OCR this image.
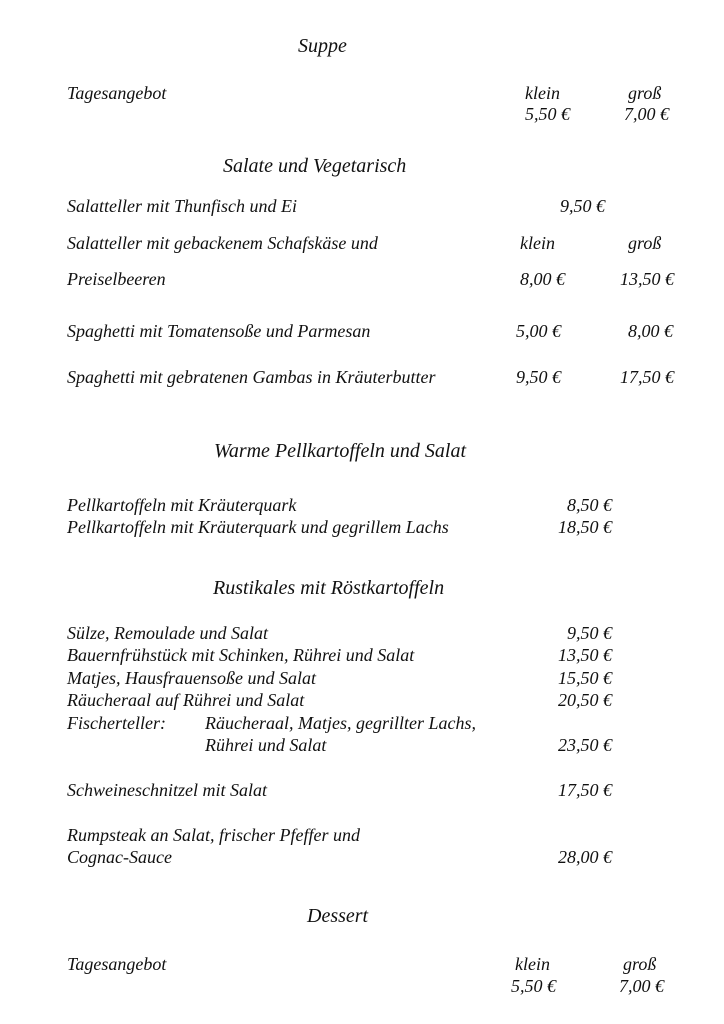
Suppe
Tagesangebot	klein	groß
5,50 €	7,00 €
Salate und Vegetarisch
Salatteller mit Thunfisch und Ei	9,50 €
Salatteller mit gebackenem Schafskäse und	klein	groß
Preiselbeeren	8,00 €	13,50 €
Spaghetti mit Tomatensoße und Parmesan	5,00 €	8,00 €
Spaghetti mit gebratenen Gambas in Kräuterbutter	9,50 €	17,50 €
Warme Pellkartoffeln und Salat
Pellkartoffeln mit Kräuterquark	8,50 €
Pellkartoffeln mit Kräuterquark und gegrillem Lachs	18,50 €
Rustikales mit Röstkartoffeln
Sülze, Remoulade und Salat	9,50 €
Bauernfrühstück mit Schinken, Rührei und Salat	13,50 €
Matjes, Hausfrauensoße und Salat	15,50 €
Räucheraal auf Rührei und Salat	20,50 €
Fischerteller: Räucheraal, Matjes, gegrillter Lachs,
Rührei und Salat	23,50 €
Schweineschnitzel mit Salat	17,50 €
Rumpsteak an Salat, frischer Pfeffer und
Cognac-Sauce	28,00 €
Dessert
Tagesangebot	klein	groß
5,50 €	7,00 €
